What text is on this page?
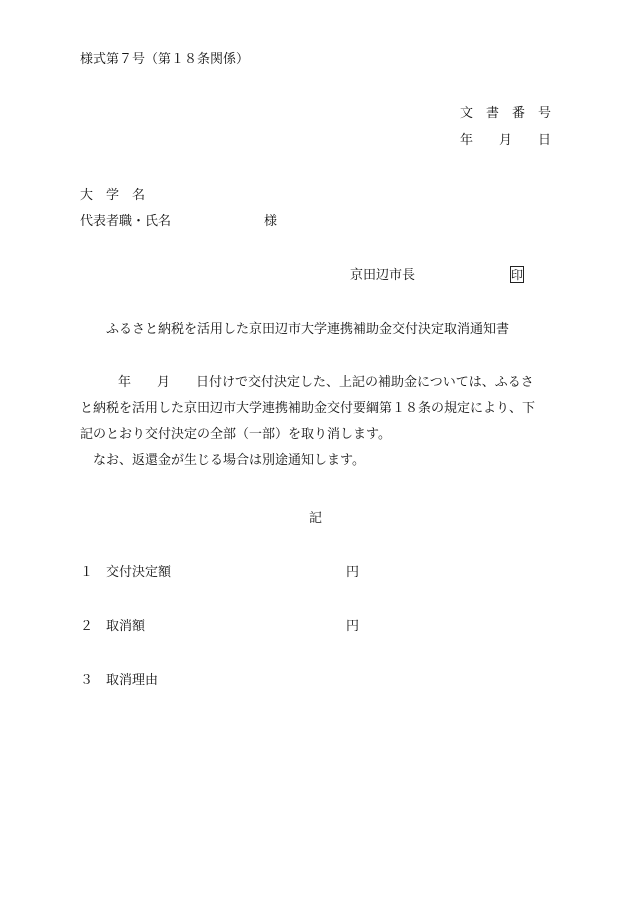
様式第７号（第１８条関係）
文　書　番　号
年　　月　　日
大　学　名
代表者職・氏名	様
京田辺市長	印
ふるさと納税を活用した京田辺市大学連携補助金交付決定取消通知書
　　年　　月　　日付けで交付決定した、上記の補助金については、ふるさ
と納税を活用した京田辺市大学連携補助金交付要綱第１８条の規定により、下
記のとおり交付決定の全部（一部）を取り消します。
　なお、返還金が生じる場合は別途通知します。
記
１ 交付決定額	円
２ 取消額	円
３ 取消理由
